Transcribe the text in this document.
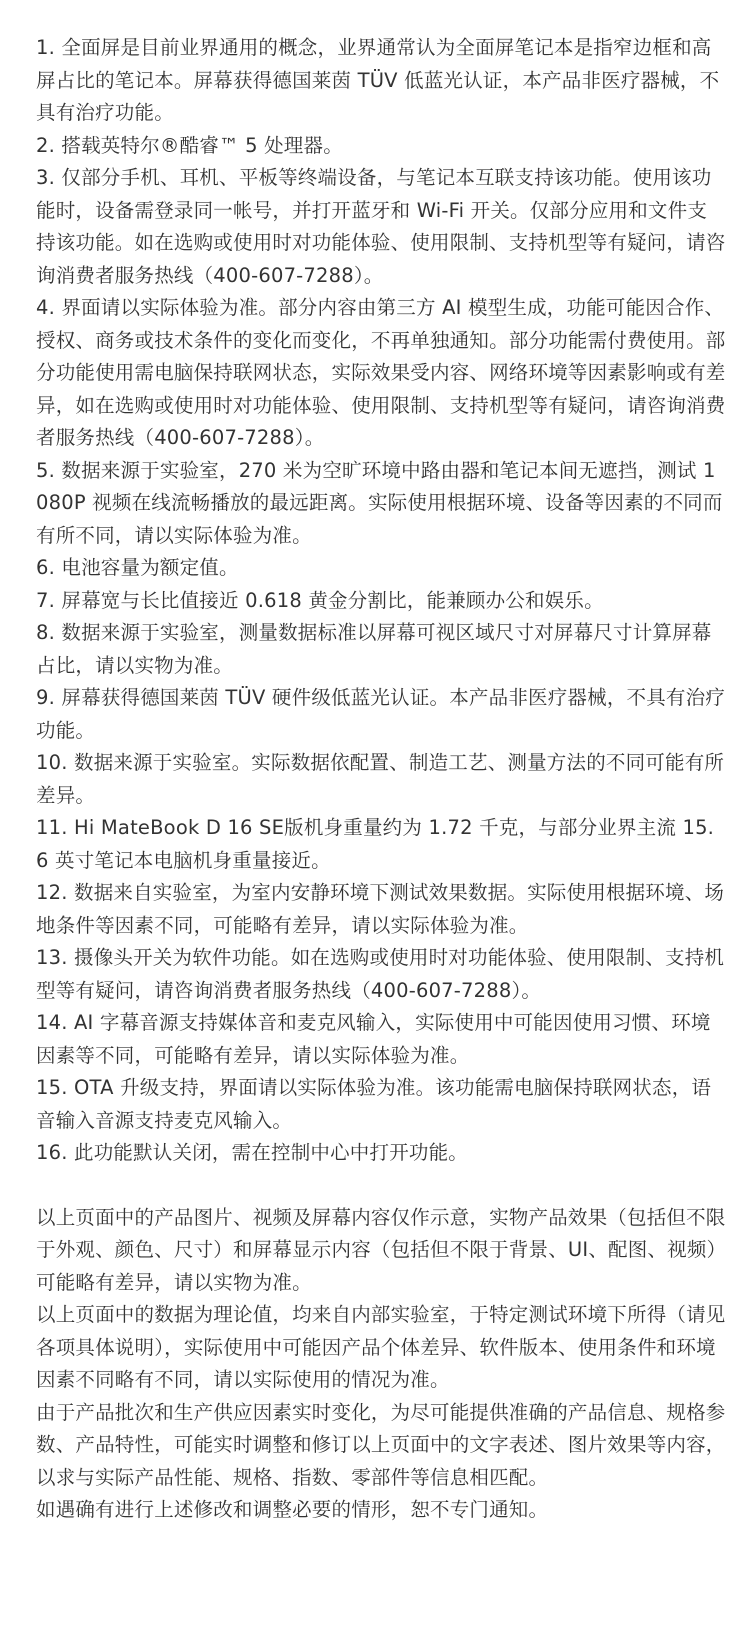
1. 全面屏是目前业界通用的概念，业界通常认为全面屏笔记本是指窄边框和高屏占比的笔记本。屏幕获得德国莱茵 TÜV 低蓝光认证，本产品非医疗器械，不具有治疗功能。

2. 搭载英特尔®酷睿™ 5 处理器。

3. 仅部分手机、耳机、平板等终端设备，与笔记本互联支持该功能。使用该功能时，设备需登录同一帐号，并打开蓝牙和 Wi-Fi 开关。仅部分应用和文件支持该功能。如在选购或使用时对功能体验、使用限制、支持机型等有疑问，请咨询消费者服务热线（400-607-7288）。

4. 界面请以实际体验为准。部分内容由第三方 AI 模型生成，功能可能因合作、授权、商务或技术条件的变化而变化，不再单独通知。部分功能需付费使用。部分功能使用需电脑保持联网状态，实际效果受内容、网络环境等因素影响或有差异，如在选购或使用时对功能体验、使用限制、支持机型等有疑问，请咨询消费者服务热线（400-607-7288）。

5. 数据来源于实验室，270 米为空旷环境中路由器和笔记本间无遮挡，测试 1080P 视频在线流畅播放的最远距离。实际使用根据环境、设备等因素的不同而有所不同，请以实际体验为准。

6. 电池容量为额定值。

7. 屏幕宽与长比值接近 0.618 黄金分割比，能兼顾办公和娱乐。

8. 数据来源于实验室，测量数据标准以屏幕可视区域尺寸对屏幕尺寸计算屏幕占比，请以实物为准。

9. 屏幕获得德国莱茵 TÜV 硬件级低蓝光认证。本产品非医疗器械，不具有治疗功能。

10. 数据来源于实验室。实际数据依配置、制造工艺、测量方法的不同可能有所差异。

11. Hi MateBook D 16 SE版机身重量约为 1.72 千克，与部分业界主流 15.6 英寸笔记本电脑机身重量接近。

12. 数据来自实验室，为室内安静环境下测试效果数据。实际使用根据环境、场地条件等因素不同，可能略有差异，请以实际体验为准。

13. 摄像头开关为软件功能。如在选购或使用时对功能体验、使用限制、支持机型等有疑问，请咨询消费者服务热线（400-607-7288）。

14. AI 字幕音源支持媒体音和麦克风输入，实际使用中可能因使用习惯、环境因素等不同，可能略有差异，请以实际体验为准。

15. OTA 升级支持，界面请以实际体验为准。该功能需电脑保持联网状态，语音输入音源支持麦克风输入。

16. 此功能默认关闭，需在控制中心中打开功能。

以上页面中的产品图片、视频及屏幕内容仅作示意，实物产品效果（包括但不限于外观、颜色、尺寸）和屏幕显示内容（包括但不限于背景、UI、配图、视频）可能略有差异，请以实物为准。

以上页面中的数据为理论值，均来自内部实验室，于特定测试环境下所得（请见各项具体说明），实际使用中可能因产品个体差异、软件版本、使用条件和环境因素不同略有不同，请以实际使用的情况为准。

由于产品批次和生产供应因素实时变化，为尽可能提供准确的产品信息、规格参数、产品特性，可能实时调整和修订以上页面中的文字表述、图片效果等内容，以求与实际产品性能、规格、指数、零部件等信息相匹配。

如遇确有进行上述修改和调整必要的情形，恕不专门通知。
